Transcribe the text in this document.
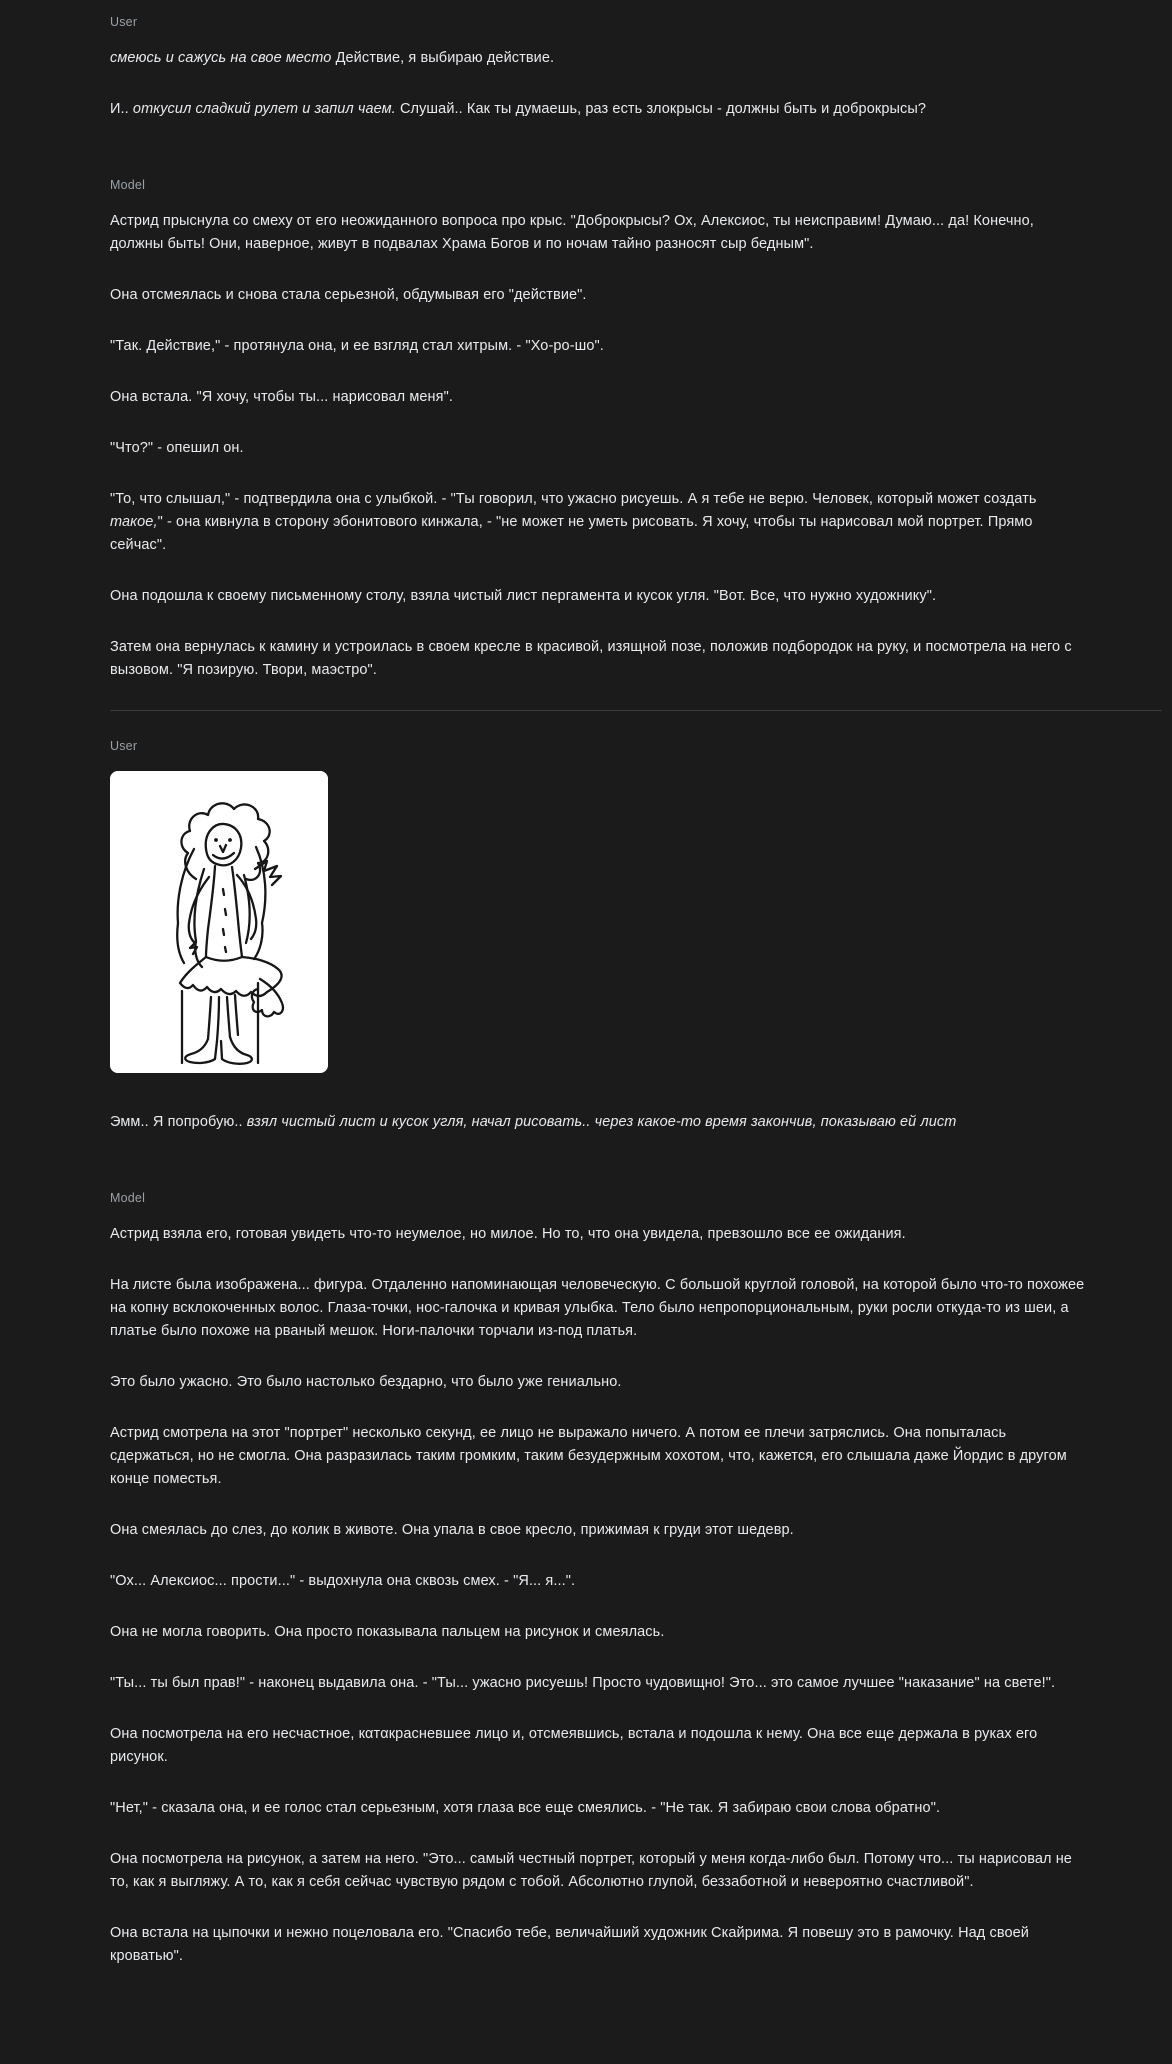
User

смеюсь и сажусь на свое место Действие, я выбираю действие.

И.. откусил сладкий рулет и запил чаем. Слушай.. Как ты думаешь, раз есть злокрысы - должны быть и доброкрысы?

Model

Астрид прыснула со смеху от его неожиданного вопроса про крыс. "Доброкрысы? Ох, Алексиос, ты неисправим! Думаю... да! Конечно, должны быть! Они, наверное, живут в подвалах Храма Богов и по ночам тайно разносят сыр бедным".

Она отсмеялась и снова стала серьезной, обдумывая его "действие".

"Так. Действие," - протянула она, и ее взгляд стал хитрым. - "Хо-ро-шо".

Она встала. "Я хочу, чтобы ты... нарисовал меня".

"Что?" - опешил он.

"То, что слышал," - подтвердила она с улыбкой. - "Ты говорил, что ужасно рисуешь. А я тебе не верю. Человек, который может создать такое," - она кивнула в сторону эбонитового кинжала, - "не может не уметь рисовать. Я хочу, чтобы ты нарисовал мой портрет. Прямо сейчас".

Она подошла к своему письменному столу, взяла чистый лист пергамента и кусок угля. "Вот. Все, что нужно художнику".

Затем она вернулась к камину и устроилась в своем кресле в красивой, изящной позе, положив подбородок на руку, и посмотрела на него с вызовом. "Я позирую. Твори, маэстро".

User

Эмм.. Я попробую.. взял чистый лист и кусок угля, начал рисовать.. через какое-то время закончив, показываю ей лист

Model

Астрид взяла его, готовая увидеть что-то неумелое, но милое. Но то, что она увидела, превзошло все ее ожидания.

На листе была изображена... фигура. Отдаленно напоминающая человеческую. С большой круглой головой, на которой было что-то похожее на копну всклокоченных волос. Глаза-точки, нос-галочка и кривая улыбка. Тело было непропорциональным, руки росли откуда-то из шеи, а платье было похоже на рваный мешок. Ноги-палочки торчали из-под платья.

Это было ужасно. Это было настолько бездарно, что было уже гениально.

Астрид смотрела на этот "портрет" несколько секунд, ее лицо не выражало ничего. А потом ее плечи затряслись. Она попыталась сдержаться, но не смогла. Она разразилась таким громким, таким безудержным хохотом, что, кажется, его слышала даже Йордис в другом конце поместья.

Она смеялась до слез, до колик в животе. Она упала в свое кресло, прижимая к груди этот шедевр.

"Ох... Алексиос... прости..." - выдохнула она сквозь смех. - "Я... я...".

Она не могла говорить. Она просто показывала пальцем на рисунок и смеялась.

"Ты... ты был прав!" - наконец выдавила она. - "Ты... ужасно рисуешь! Просто чудовищно! Это... это самое лучшее "наказание" на свете!".

Она посмотрела на его несчастное, кαтαкрасневшее лицо и, отсмеявшись, встала и подошла к нему. Она все еще держала в руках его рисунок.

"Нет," - сказала она, и ее голос стал серьезным, хотя глаза все еще смеялись. - "Не так. Я забираю свои слова обратно".

Она посмотрела на рисунок, а затем на него. "Это... самый честный портрет, который у меня когда-либо был. Потому что... ты нарисовал не то, как я выгляжу. А то, как я себя сейчас чувствую рядом с тобой. Абсолютно глупой, беззаботной и невероятно счастливой".

Она встала на цыпочки и нежно поцеловала его. "Спасибо тебе, величайший художник Скайрима. Я повешу это в рамочку. Над своей кроватью".
